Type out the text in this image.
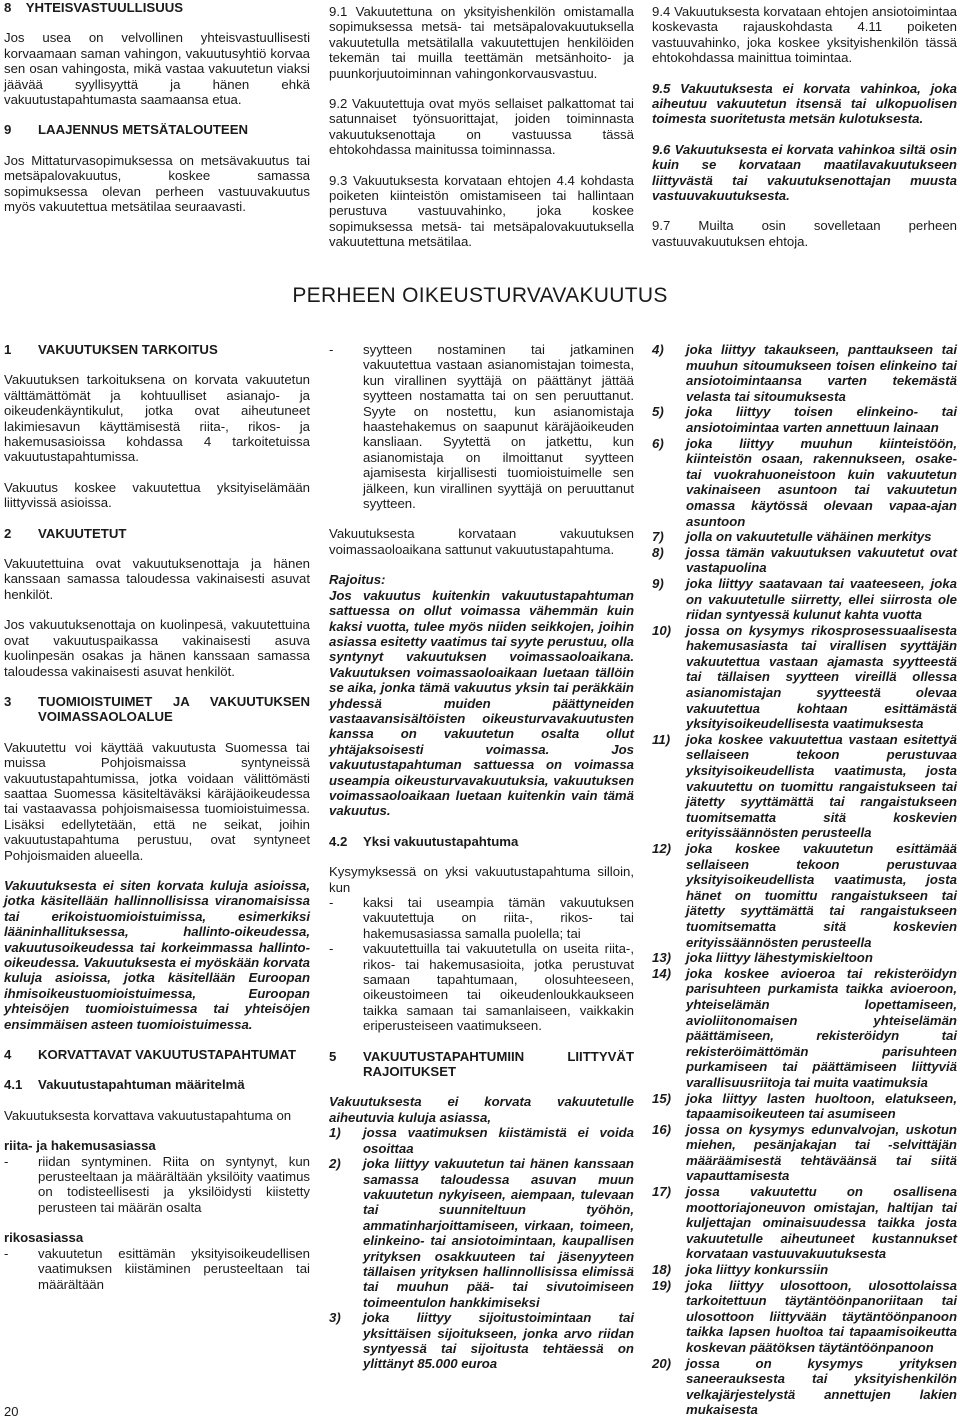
8    YHTEISVASTUULLISUUS

Jos usea on velvollinen yhteisvastuullisesti korvaamaan saman vahingon, vakuutusyhtiö korvaa sen osan vahingosta, mikä vastaa vakuutetun viaksi jäävää syyllisyyttä ja hänen ehkä vakuutustapahtumasta saamaansa etua.

9 LAAJENNUS METSÄTALOUTEEN

Jos Mittaturvasopimuksessa on metsävakuutus tai metsäpalovakuutus, koskee samassa sopimuksessa olevan perheen vastuuvakuutus myös vakuutettua metsätilaa seuraavasti.

9.1 Vakuutettuna on yksityishenkilön omistamalla sopimuksessa metsä- tai metsäpalovakuutuksella vakuutetulla metsätilalla vakuutettujen henkilöiden tekemän tai muilla teettämän metsänhoito- ja puunkorjuutoiminnan vahingonkorvausvastuu.

9.2 Vakuutettuja ovat myös sellaiset palkattomat tai satunnaiset työnsuorittajat, joiden toiminnasta vakuutuksenottaja on vastuussa tässä ehtokohdassa mainitussa toiminnassa.

9.3 Vakuutuksesta korvataan ehtojen 4.4 kohdasta poiketen kiinteistön omistamiseen tai hallintaan perustuva vastuuvahinko, joka koskee sopimuksessa metsä- tai metsäpalovakuutuksella vakuutettuna metsätilaa.

9.4 Vakuutuksesta korvataan ehtojen ansiotoimintaa koskevasta rajauskohdasta 4.11 poiketen vastuuvahinko, joka koskee yksityishenkilön tässä ehtokohdassa mainittua toimintaa.

9.5 Vakuutuksesta ei korvata vahinkoa, joka aiheutuu vakuutetun itsensä tai ulkopuolisen toimesta suoritetusta metsän kulotuksesta.

9.6 Vakuutuksesta ei korvata vahinkoa siltä osin kuin se korvataan maatilavakuutukseen liittyvästä tai vakuutuksenottajan muusta vastuuvakuutuksesta.

9.7 Muilta osin sovelletaan perheen vastuuvakuutuksen ehtoja.

PERHEEN OIKEUSTURVAVAKUUTUS
1 VAKUUTUKSEN TARKOITUS

Vakuutuksen tarkoituksena on korvata vakuutetun välttämättömät ja kohtuulliset asianajo- ja oikeudenkäyntikulut, jotka ovat aiheutuneet lakimiesavun käyttämisestä riita-, rikos- ja hakemusasioissa kohdassa 4 tarkoitetuissa vakuutustapahtumissa.

Vakuutus koskee vakuutettua yksityiselämään liittyvissä asioissa.

2 VAKUUTETUT

Vakuutettuina ovat vakuutuksenottaja ja hänen kanssaan samassa taloudessa vakinaisesti asuvat henkilöt.

Jos vakuutuksenottaja on kuolinpesä, vakuutettuina ovat vakuutuspaikassa vakinaisesti asuva kuolinpesän osakas ja hänen kanssaan samassa taloudessa vakinaisesti asuvat henkilöt.

3 TUOMIOISTUIMET JA VAKUUTUKSEN VOIMASSAOLOALUE

Vakuutettu voi käyttää vakuutusta Suomessa tai muissa Pohjoismaissa syntyneissä vakuutustapahtumissa, jotka voidaan välittömästi saattaa Suomessa käsiteltäväksi käräjäoikeudessa tai vastaavassa pohjoismaisessa tuomioistuimessa. Lisäksi edellytetään, että ne seikat, joihin vakuutustapahtuma perustuu, ovat syntyneet Pohjoismaiden alueella.

Vakuutuksesta ei siten korvata kuluja asioissa, jotka käsitellään hallinnollisissa viranomaisissa tai erikoistuomioistuimissa, esimerkiksi lääninhallituksessa, hallinto-oikeudessa, vakuutusoikeudessa tai korkeimmassa hallinto-oikeudessa. Vakuutuksesta ei myöskään korvata kuluja asioissa, jotka käsitellään Euroopan ihmisoikeustuomioistuimessa, Euroopan yhteisöjen tuomioistuimessa tai yhteisöjen ensimmäisen asteen tuomioistuimessa.

4 KORVATTAVAT VAKUUTUSTAPAHTUMAT
4.1 Vakuutustapahtuman määritelmä

Vakuutuksesta korvattava vakuutustapahtuma on

riita- ja hakemusasiassa

- riidan syntyminen. Riita on syntynyt, kun perusteeltaan ja määrältään yksilöity vaatimus on todisteellisesti ja yksilöidysti kiistetty perusteen tai määrän osalta

rikosasiassa

- vakuutetun esittämän yksityisoikeudellisen vaatimuksen kiistäminen perusteeltaan tai määrältään
- syytteen nostaminen tai jatkaminen vakuutettua vastaan asianomistajan toimesta, kun virallinen syyttäjä on päättänyt jättää syytteen nostamatta tai on sen peruuttanut. Syyte on nostettu, kun asianomistaja haastehakemus on saapunut käräjäoikeuden kansliaan. Syytettä on jatkettu, kun asianomistaja on ilmoittanut syytteen ajamisesta kirjallisesti tuomioistuimelle sen jälkeen, kun virallinen syyttäjä on peruuttanut syytteen.

Vakuutuksesta korvataan vakuutuksen voimassaoloaikana sattunut vakuutustapahtuma.

Rajoitus:

Jos vakuutus kuitenkin vakuutustapahtuman sattuessa on ollut voimassa vähemmän kuin kaksi vuotta, tulee myös niiden seikkojen, joihin asiassa esitetty vaatimus tai syyte perustuu, olla syntynyt vakuutuksen voimassaoloaikana. Vakuutuksen voimassaoloaikaan luetaan tällöin se aika, jonka tämä vakuutus yksin tai peräkkäin yhdessä muiden päättyneiden vastaavansisältöisten oikeusturvavakuutusten kanssa on vakuutetun osalta ollut yhtäjaksoisesti voimassa. Jos vakuutustapahtuman sattuessa on voimassa useampia oikeusturvavakuutuksia, vakuutuksen voimassaoloaikaan luetaan kuitenkin vain tämä vakuutus.

4.2 Yksi vakuutustapahtuma

Kysymyksessä on yksi vakuutustapahtuma silloin, kun

- kaksi tai useampia tämän vakuutuksen vakuutettuja on riita-, rikos- tai hakemusasiassa samalla puolella; tai
- vakuutettuilla tai vakuutetulla on useita riita-, rikos- tai hakemusasioita, jotka perustuvat samaan tapahtumaan, olosuhteeseen, oikeustoimeen tai oikeudenloukkaukseen taikka samaan tai samanlaiseen, vaikkakin eriperusteiseen vaatimukseen.
5 VAKUUTUSTAPAHTUMIIN LIITTYVÄT RAJOITUKSET

Vakuutuksesta ei korvata vakuutetulle aiheutuvia kuluja asiassa,

1) jossa vaatimuksen kiistämistä ei voida osoittaa
2) joka liittyy vakuutetun tai hänen kanssaan samassa taloudessa asuvan muun vakuutetun nykyiseen, aiempaan, tulevaan tai suunniteltuun työhön, ammatinharjoittamiseen, virkaan, toimeen, elinkeino- tai ansiotoimintaan, kaupallisen yrityksen osakkuuteen tai jäsenyyteen tällaisen yrityksen hallinnollisissa elimissä tai muuhun pää- tai sivutoimiseen toimeentulon hankkimiseksi
3) joka liittyy sijoitustoimintaan tai yksittäisen sijoitukseen, jonka arvo riidan syntyessä tai sijoitusta tehtäessä on ylittänyt 85.000 euroa
4) joka liittyy takaukseen, panttaukseen tai muuhun sitoumukseen toisen elinkeino tai ansiotoimintaansa varten tekemästä velasta tai sitoumuksesta
5) joka liittyy toisen elinkeino- tai ansiotoimintaa varten annettuun lainaan
6) joka liittyy muuhun kiinteistöön, kiinteistön osaan, rakennukseen, osake- tai vuokrahuoneistoon kuin vakuutetun vakinaiseen asuntoon tai vakuutetun omassa käytössä olevaan vapaa-ajan asuntoon
7) jolla on vakuutetulle vähäinen merkitys
8) jossa tämän vakuutuksen vakuutetut ovat vastapuolina
9) joka liittyy saatavaan tai vaateeseen, joka on vakuutetulle siirretty, ellei siirrosta ole riidan syntyessä kulunut kahta vuotta
10) jossa on kysymys rikosprosessuaalisesta hakemusasiasta tai virallisen syyttäjän vakuutettua vastaan ajamasta syytteestä tai tällaisen syytteen vireillä ollessa asianomistajan syytteestä olevaa vakuutettua kohtaan esittämästä yksityisoikeudellisesta vaatimuksesta
11) joka koskee vakuutettua vastaan esitettyä sellaiseen tekoon perustuvaa yksityisoikeudellista vaatimusta, josta vakuutettu on tuomittu rangaistukseen tai jätetty syyttämättä tai rangaistukseen tuomitsematta sitä koskevien erityissäännösten perusteella
12) joka koskee vakuutetun esittämää sellaiseen tekoon perustuvaa yksityisoikeudellista vaatimusta, josta hänet on tuomittu rangaistukseen tai jätetty syyttämättä tai rangaistukseen tuomitsematta sitä koskevien erityissäännösten perusteella
13) joka liittyy lähestymiskieltoon
14) joka koskee avioeroa tai rekisteröidyn parisuhteen purkamista taikka avioeroon, yhteiselämän lopettamiseen, avioliitonomaisen yhteiselämän päättämiseen, rekisteröidyn tai rekisteröimättömän parisuhteen purkamiseen tai päättämiseen liittyviä varallisuusriitoja tai muita vaatimuksia
15) joka liittyy lasten huoltoon, elatukseen, tapaamisoikeuteen tai asumiseen
16) jossa on kysymys edunvalvojan, uskotun miehen, pesänjakajan tai -selvittäjän määräämisestä tehtäväänsä tai siitä vapauttamisesta
17) jossa vakuutettu on osallisena moottoriajoneuvon omistajan, haltijan tai kuljettajan ominaisuudessa taikka josta vakuutetulle aiheutuneet kustannukset korvataan vastuuvakuutuksesta
18) joka liittyy konkurssiin
19) joka liittyy ulosottoon, ulosottolaissa tarkoitettuun täytäntöönpanoriitaan tai ulosottoon liittyvään täytäntöönpanoon taikka lapsen huoltoa tai tapaamisoikeutta koskevan päätöksen täytäntöönpanoon
20) jossa on kysymys yrityksen saneerauksesta tai yksityishenkilön velkajärjestelystä annettujen lakien mukaisesta
20
